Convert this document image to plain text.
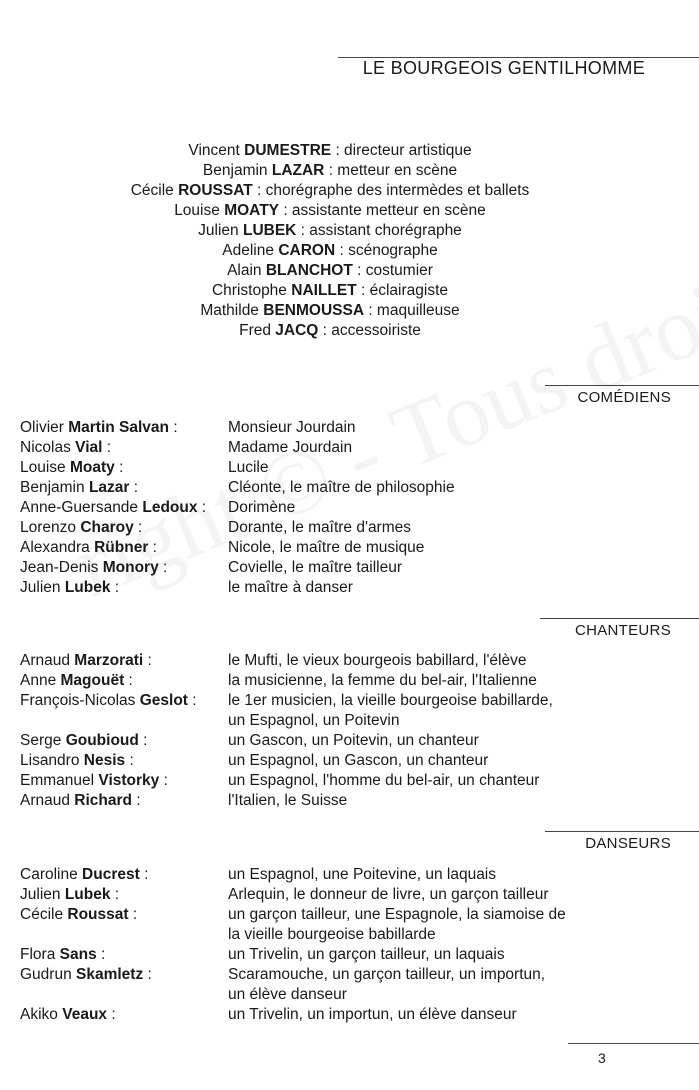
LE BOURGEOIS GENTILHOMME
Vincent DUMESTRE : directeur artistique
Benjamin LAZAR : metteur en scène
Cécile ROUSSAT : chorégraphe des intermèdes et ballets
Louise MOATY : assistante metteur en scène
Julien LUBEK : assistant chorégraphe
Adeline CARON : scénographe
Alain BLANCHOT : costumier
Christophe NAILLET : éclairagiste
Mathilde BENMOUSSA : maquilleuse
Fred JACQ : accessoiriste
COMÉDIENS
Olivier Martin Salvan :	Monsieur Jourdain
Nicolas Vial :	Madame Jourdain
Louise Moaty :	Lucile
Benjamin Lazar :	Cléonte, le maître de philosophie
Anne-Guersande Ledoux :	Dorimène
Lorenzo Charoy :	Dorante, le maître d'armes
Alexandra Rübner :	Nicole, le maître de musique
Jean-Denis Monory :	Covielle, le maître tailleur
Julien Lubek :	le maître à danser
CHANTEURS
Arnaud Marzorati :	le Mufti, le vieux bourgeois babillard, l'élève
Anne Magouët :	la musicienne, la femme du bel-air, l'Italienne
François-Nicolas Geslot :	le 1er musicien, la vieille bourgeoise babillarde,
un Espagnol, un Poitevin
Serge Goubioud :	un Gascon, un Poitevin, un chanteur
Lisandro Nesis :	un Espagnol, un Gascon, un chanteur
Emmanuel Vistorky :	un Espagnol, l'homme du bel-air, un chanteur
Arnaud Richard :	l'Italien, le Suisse
DANSEURS
Caroline Ducrest :	un Espagnol, une Poitevine, un laquais
Julien Lubek :	Arlequin, le donneur de livre, un garçon tailleur
Cécile Roussat :	un garçon tailleur, une Espagnole, la siamoise de
la vieille bourgeoise babillarde
Flora Sans :	un Trivelin, un garçon tailleur, un laquais
Gudrun Skamletz :	Scaramouche, un garçon tailleur, un importun,
un élève danseur
Akiko Veaux :	un Trivelin, un importun, un élève danseur
3
